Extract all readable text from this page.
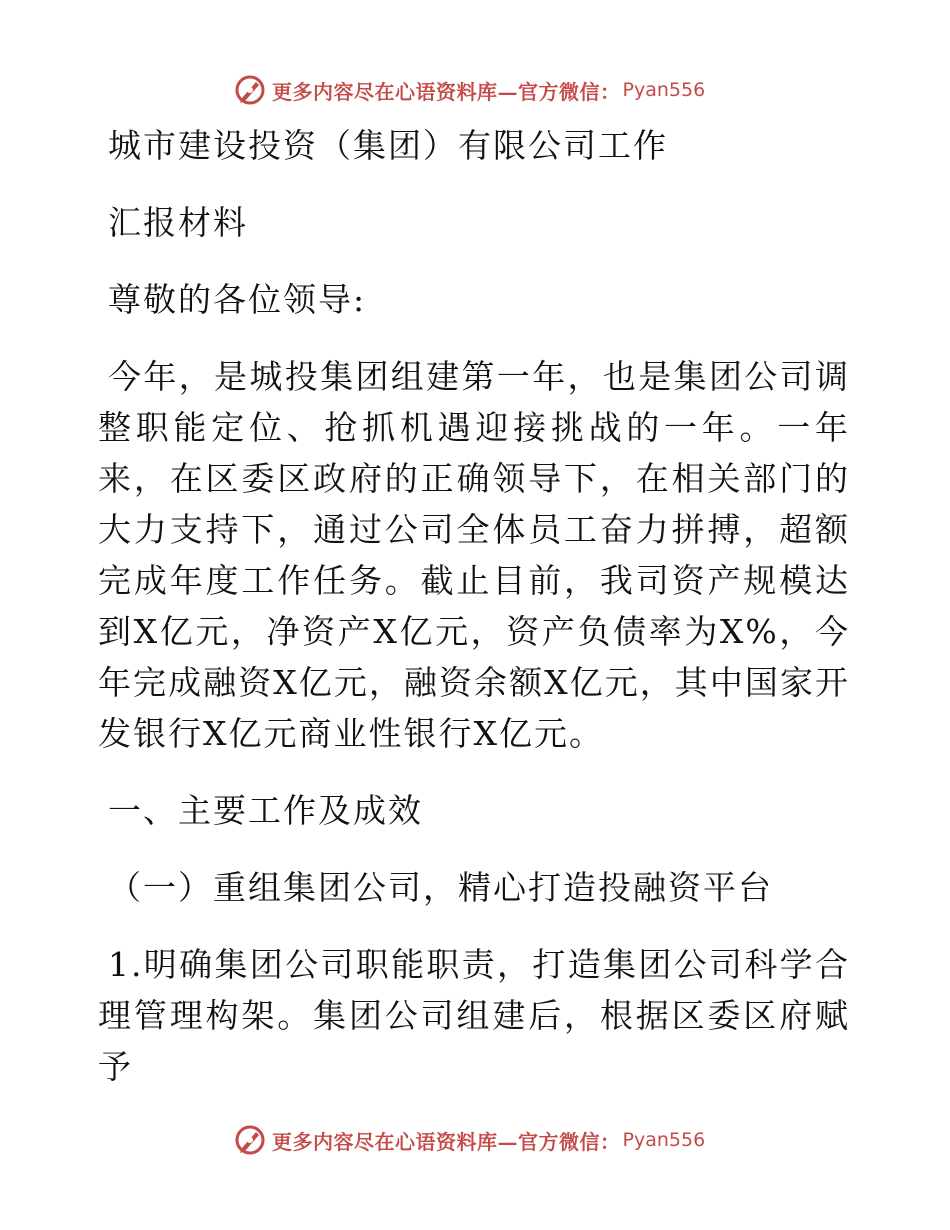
更多内容尽在心语资料库—官方微信： Pyan556

城市建设投资（集团）有限公司工作

汇报材料

尊敬的各位领导:

今年，是城投集团组建第一年，也是集团公司调整职能定位、抢抓机遇迎接挑战的一年。一年来，在区委区政府的正确领导下，在相关部门的大力支持下，通过公司全体员工奋力拼搏，超额完成年度工作任务。截止目前，我司资产规模达到X亿元，净资产X亿元，资产负债率为X%，今年完成融资X亿元，融资余额X亿元，其中国家开发银行X亿元商业性银行X亿元。

一、主要工作及成效

（一）重组集团公司，精心打造投融资平台

1.明确集团公司职能职责，打造集团公司科学合理管理构架。集团公司组建后，根据区委区府赋予

更多内容尽在心语资料库—官方微信： Pyan556
